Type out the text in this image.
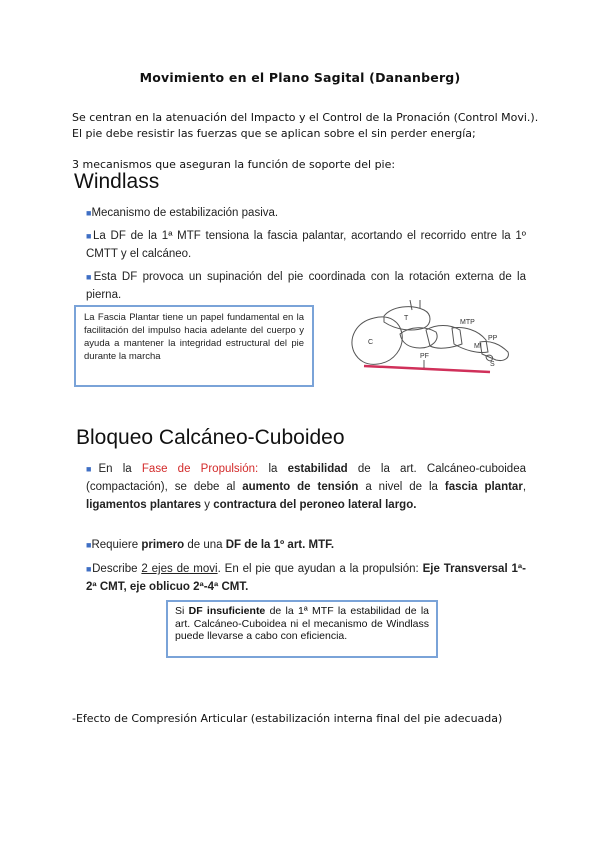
Movimiento en el Plano Sagital (Dananberg)
Se centran en la atenuación del Impacto y el Control de la Pronación (Control Movi.).
El pie debe resistir las fuerzas que se aplican sobre el sin perder energía;
3 mecanismos que aseguran la función de soporte del pie:
Windlass
■Mecanismo de estabilización pasiva.
■La DF de la 1ª MTF tensiona la fascia palantar, acortando el recorrido entre la 1º CMTT y el calcáneo.
■Esta DF provoca un supinación del pie coordinada con la rotación externa de la pierna.
La Fascia Plantar tiene un papel fundamental en la facilitación del impulso hacia adelante del cuerpo y ayuda a mantener la integridad estructural del pie durante la marcha
C
T
MTP
PP
MI
PF
S
Bloqueo Calcáneo-Cuboideo
■En la Fase de Propulsión: la estabilidad de la art. Calcáneo-cuboidea (compactación), se debe al aumento de tensión a nivel de la fascia plantar, ligamentos plantares y contractura del peroneo lateral largo.
■Requiere primero de una DF de la 1º art. MTF.
■Describe 2 ejes de movi. En el pie que ayudan a la propulsión: Eje Transversal 1ª- 2ª CMT, eje oblicuo 2ª-4ª CMT.
Si DF insuficiente de la 1ª MTF la estabilidad de la art. Calcáneo-Cuboidea ni el mecanismo de Windlass puede llevarse a cabo con eficiencia.
-Efecto de Compresión Articular (estabilización interna final del pie adecuada)
